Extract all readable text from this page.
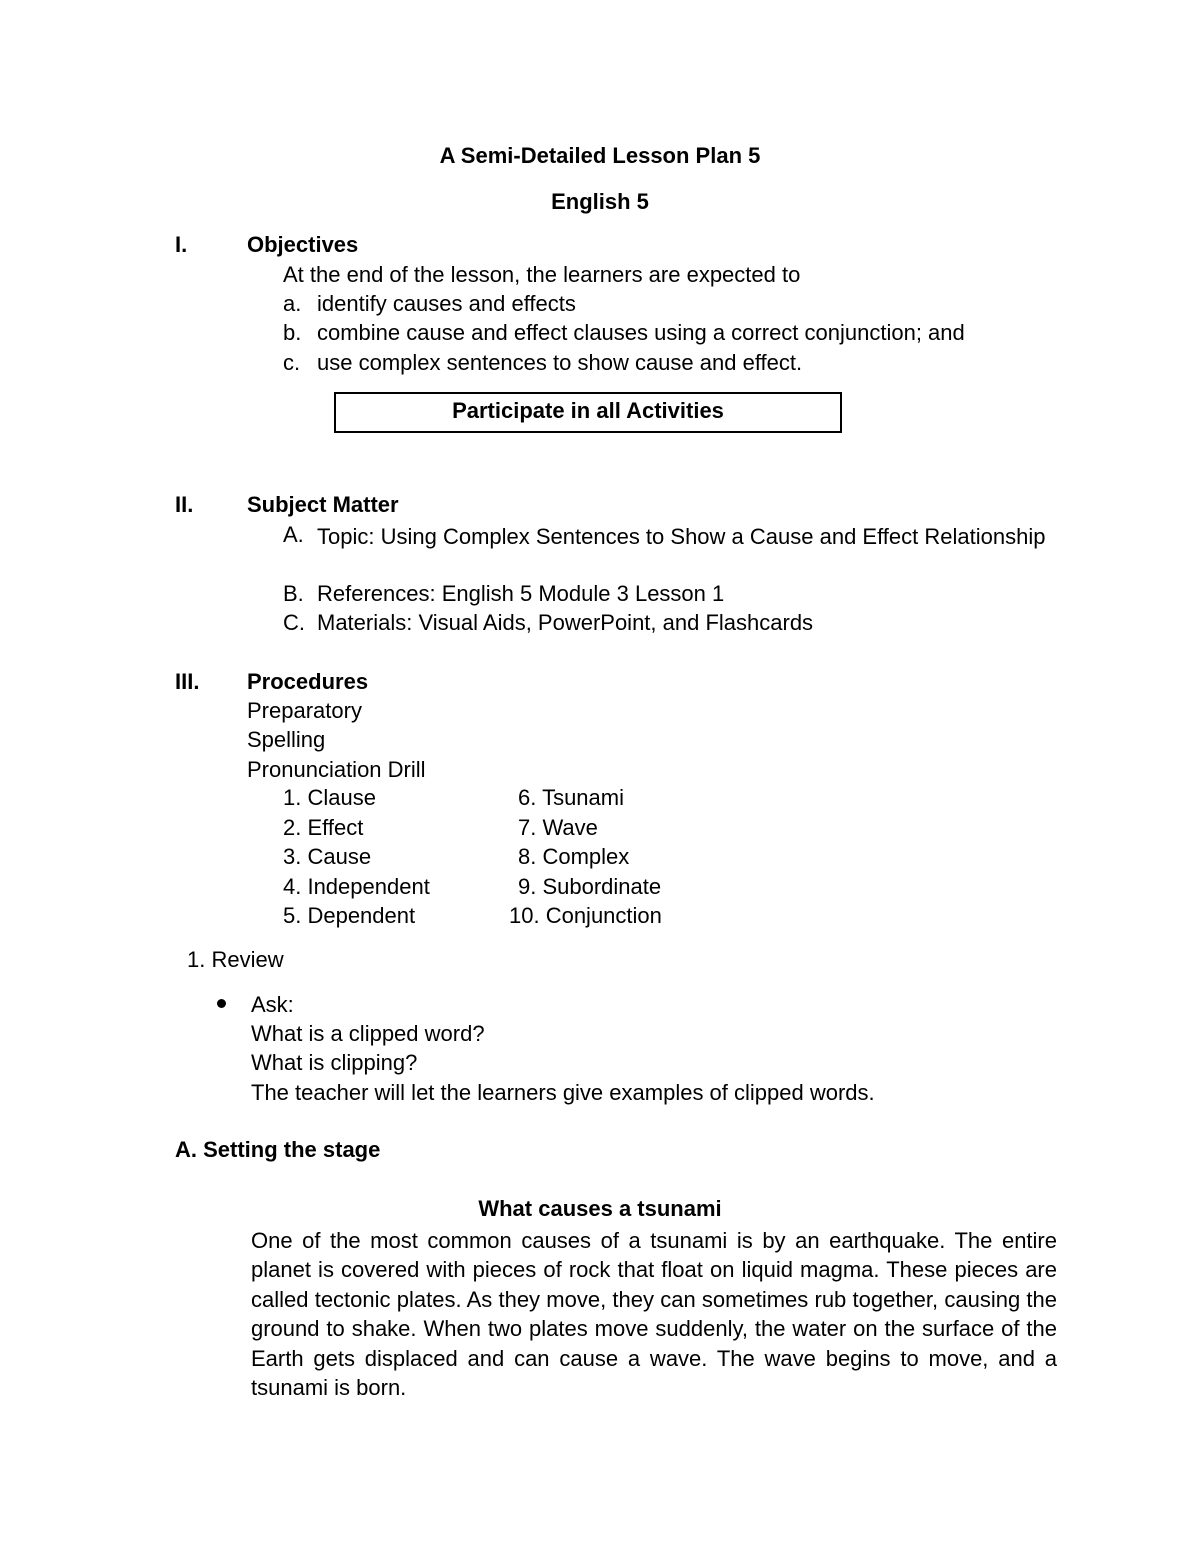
A Semi-Detailed Lesson Plan 5
English 5
I.	Objectives
At the end of the lesson, the learners are expected to
a. identify causes and effects
b. combine cause and effect clauses using a correct conjunction; and
c. use complex sentences to show cause and effect.
Participate in all Activities
II. Subject Matter
A. Topic: Using Complex Sentences to Show a Cause and Effect Relationship
B. References: English 5 Module 3 Lesson 1
C. Materials: Visual Aids, PowerPoint, and Flashcards
III. Procedures
Preparatory
Spelling
Pronunciation Drill
1. Clause
2. Effect
3. Cause
4. Independent
5. Dependent
6. Tsunami
7. Wave
8. Complex
9. Subordinate
10. Conjunction
1. Review
Ask:
What is a clipped word?
What is clipping?
The teacher will let the learners give examples of clipped words.
A. Setting the stage
What causes a tsunami
One of the most common causes of a tsunami is by an earthquake. The entire planet is covered with pieces of rock that float on liquid magma. These pieces are called tectonic plates. As they move, they can sometimes rub together, causing the ground to shake. When two plates move suddenly, the water on the surface of the Earth gets displaced and can cause a wave. The wave begins to move, and a tsunami is born.
